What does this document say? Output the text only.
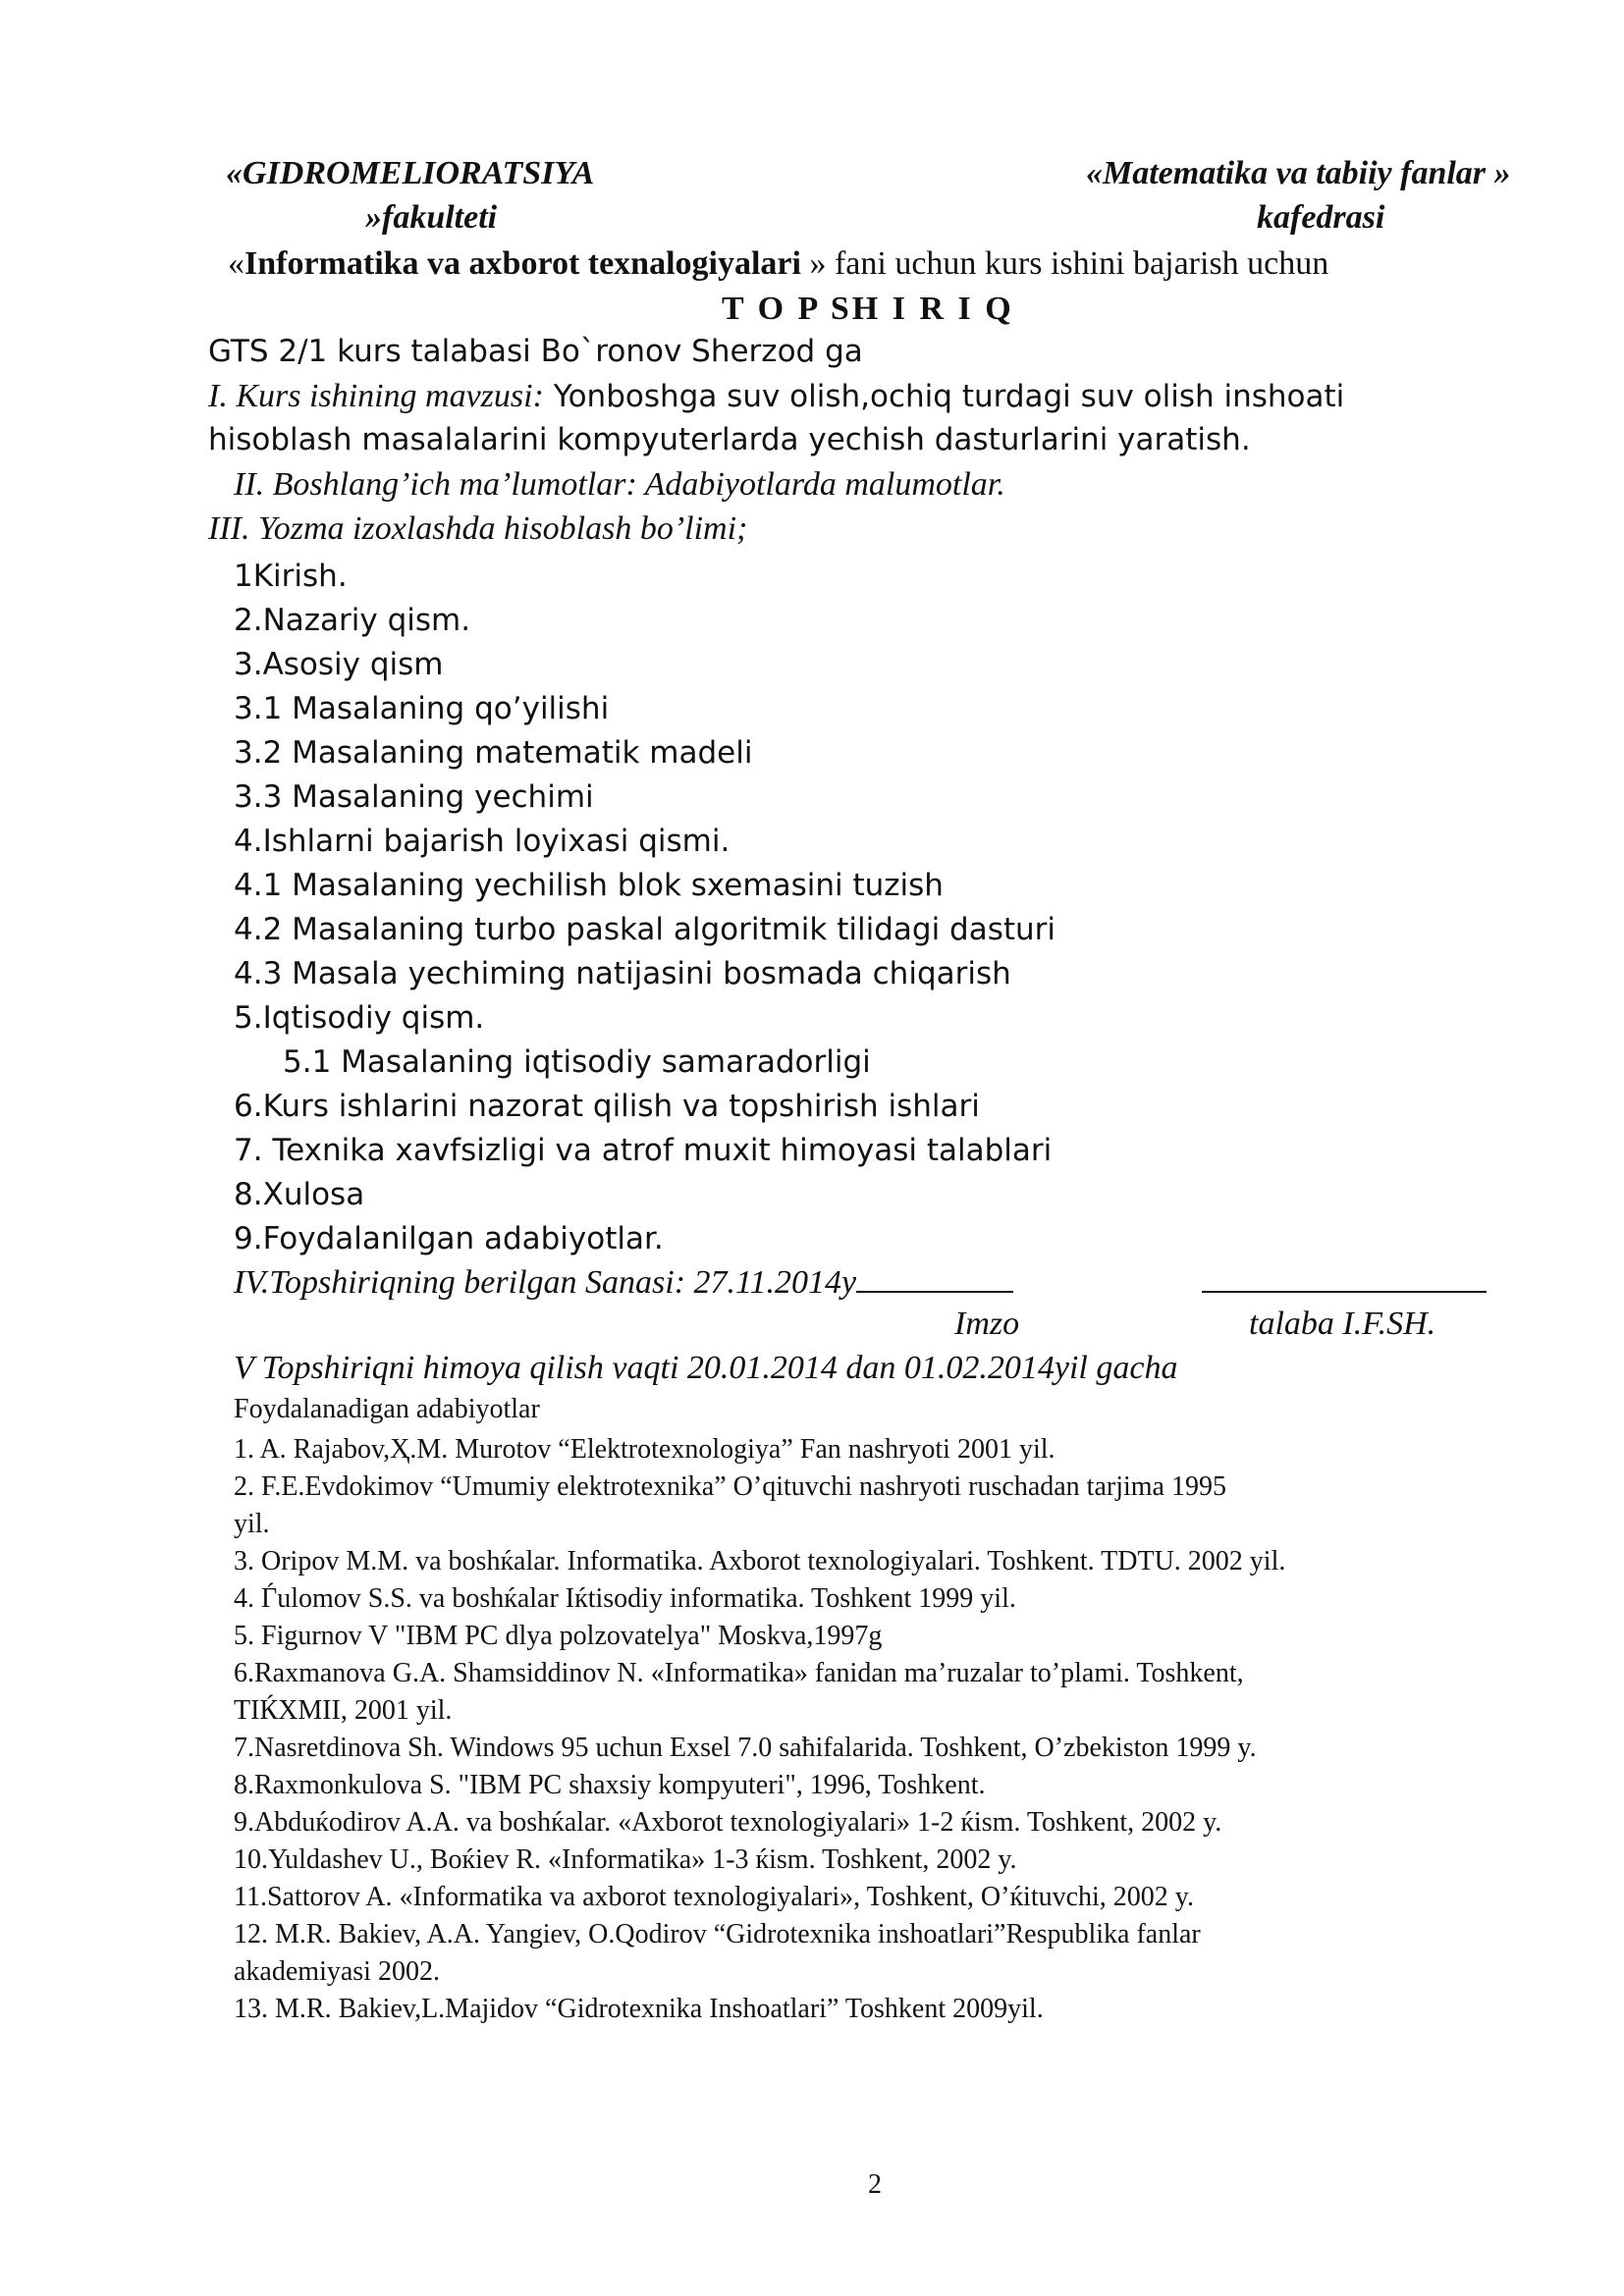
«GIDROMELIORATSIYA
»fakulteti
«Matematika va tabiiy fanlar »
kafedrasi
«Informatika va axborot texnalogiyalari » fani uchun kurs ishini bajarish uchun
T O P SH I R I Q
GTS 2/1 kurs talabasi Bo`ronov Sherzod ga
I. Kurs ishining mavzusi: Yonboshga suv olish,ochiq turdagi suv olish inshoati
hisoblash masalalarini kompyuterlarda yechish dasturlarini yaratish.
II. Boshlang’ich ma’lumotlar: Adabiyotlarda malumotlar.
III. Yozma izoxlashda hisoblash bo’limi;
1Kirish.
2.Nazariy qism.
3.Asosiy qism
3.1 Masalaning qo’yilishi
3.2 Masalaning matematik madeli
3.3 Masalaning yechimi
4.Ishlarni bajarish loyixasi qismi.
4.1 Masalaning yechilish blok sxemasini tuzish
4.2 Masalaning turbo paskal algoritmik tilidagi dasturi
4.3 Masala yechiming natijasini bosmada chiqarish
5.Iqtisodiy qism.
5.1 Masalaning iqtisodiy samaradorligi
6.Kurs ishlarini nazorat qilish va topshirish ishlari
7. Texnika xavfsizligi va atrof muxit himoyasi talablari
8.Xulosa
9.Foydalanilgan adabiyotlar.
IV.Topshiriqning berilgan Sanasi: 27.11.2014y
Imzo	talaba I.F.SH.
V Topshiriqni himoya qilish vaqti 20.01.2014 dan 01.02.2014yil gacha
Foydalanadigan adabiyotlar
1. A. Rajabov,Ҳ.M. Murotov “Elektrotexnologiya” Fan nashryoti 2001 yil.
2. F.E.Evdokimov “Umumiy elektrotexnika” O’qituvchi nashryoti ruschadan tarjima 1995
yil.
3. Oripov M.M. va boshќalar. Informatika. Axborot texnologiyalari. Toshkent. TDTU. 2002 yil.
4. Ѓulomov S.S. va boshќalar Iќtisodiy informatika. Toshkent 1999 yil.
5. Figurnov V "IBM PC dlya polzovatelya" Moskva,1997g
6.Raxmanova G.A. Shamsiddinov N. «Informatika» fanidan ma’ruzalar to’plami. Toshkent,
TIЌXMII, 2001 yil.
7.Nasretdinova Sh. Windows 95 uchun Exsel 7.0 saћifalarida. Toshkent, O’zbekiston 1999 y.
8.Raxmonkulova S. "IBM PC shaxsiy kompyuteri", 1996, Toshkent.
9.Abduќodirov A.A. va boshќalar. «Axborot texnologiyalari» 1-2 ќism. Toshkent, 2002 y.
10.Yuldashev U., Boќiev R. «Informatika» 1-3 ќism. Toshkent, 2002 y.
11.Sattorov A. «Informatika va axborot texnologiyalari», Toshkent, O’ќituvchi, 2002 y.
12. M.R. Bakiev, A.A. Yangiev, O.Qodirov “Gidrotexnika inshoatlari”Respublika fanlar
akademiyasi 2002.
13. M.R. Bakiev,L.Majidov “Gidrotexnika Inshoatlari” Toshkent 2009yil.
2
